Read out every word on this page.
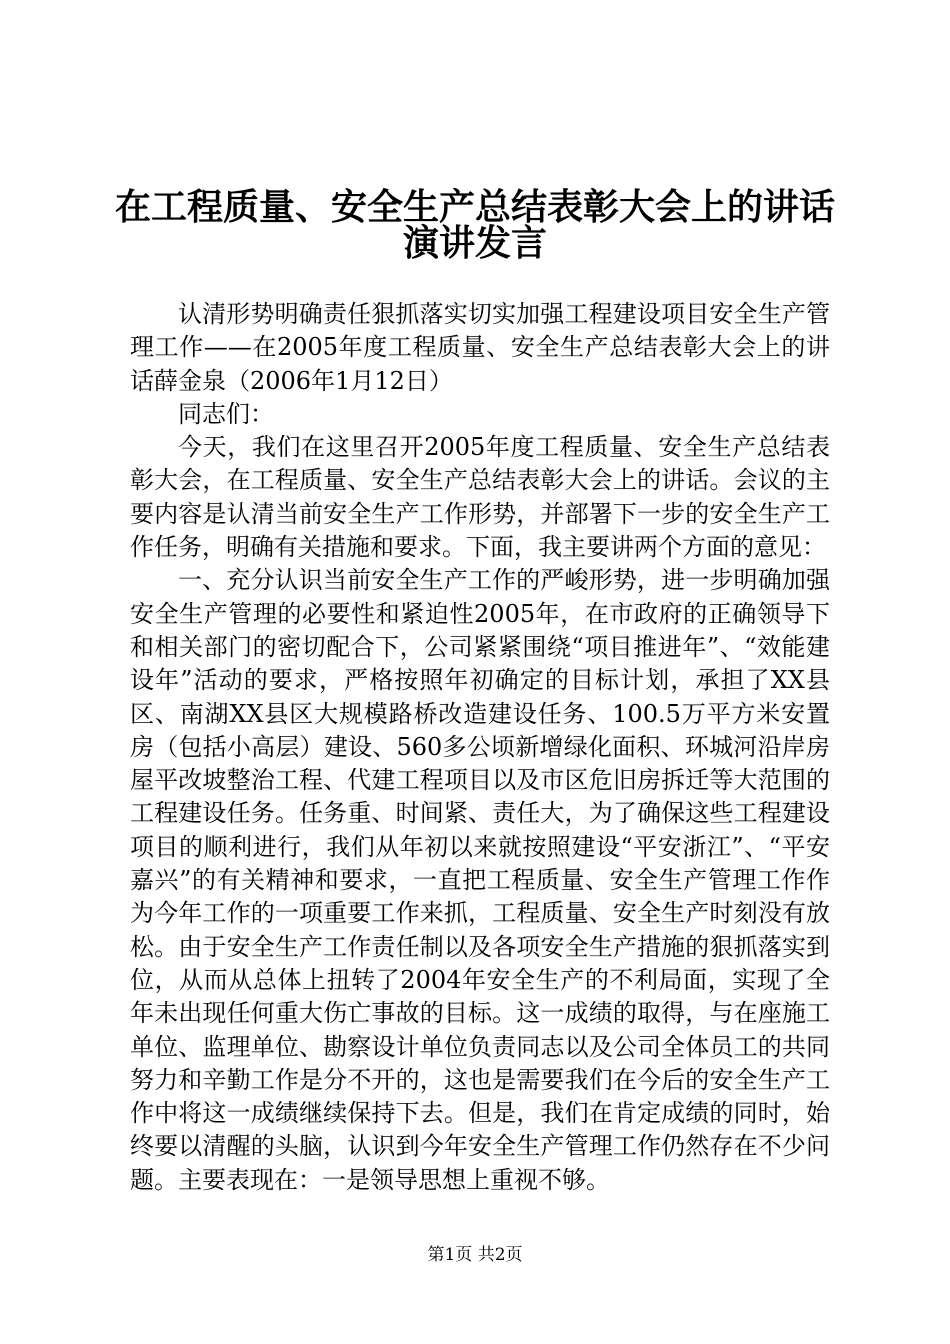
在工程质量、安全生产总结表彰大会上的讲话
演讲发言

认清形势明确责任狠抓落实切实加强工程建设项目安全生产管理工作——在2005年度工程质量、安全生产总结表彰大会上的讲话薛金泉（2006年1月12日）

同志们：

今天，我们在这里召开2005年度工程质量、安全生产总结表彰大会，在工程质量、安全生产总结表彰大会上的讲话。会议的主要内容是认清当前安全生产工作形势，并部署下一步的安全生产工作任务，明确有关措施和要求。下面，我主要讲两个方面的意见：

一、充分认识当前安全生产工作的严峻形势，进一步明确加强安全生产管理的必要性和紧迫性2005年，在市政府的正确领导下和相关部门的密切配合下，公司紧紧围绕“项目推进年”、“效能建设年”活动的要求，严格按照年初确定的目标计划，承担了XX县区、南湖XX县区大规模路桥改造建设任务、100.5万平方米安置房（包括小高层）建设、560多公顷新增绿化面积、环城河沿岸房屋平改坡整治工程、代建工程项目以及市区危旧房拆迁等大范围的工程建设任务。任务重、时间紧、责任大，为了确保这些工程建设项目的顺利进行，我们从年初以来就按照建设“平安浙江”、“平安嘉兴”的有关精神和要求，一直把工程质量、安全生产管理工作作为今年工作的一项重要工作来抓，工程质量、安全生产时刻没有放松。由于安全生产工作责任制以及各项安全生产措施的狠抓落实到位，从而从总体上扭转了2004年安全生产的不利局面，实现了全年未出现任何重大伤亡事故的目标。这一成绩的取得，与在座施工单位、监理单位、勘察设计单位负责同志以及公司全体员工的共同努力和辛勤工作是分不开的，这也是需要我们在今后的安全生产工作中将这一成绩继续保持下去。但是，我们在肯定成绩的同时，始终要以清醒的头脑，认识到今年安全生产管理工作仍然存在不少问题。主要表现在：一是领导思想上重视不够。

第1页 共2页
